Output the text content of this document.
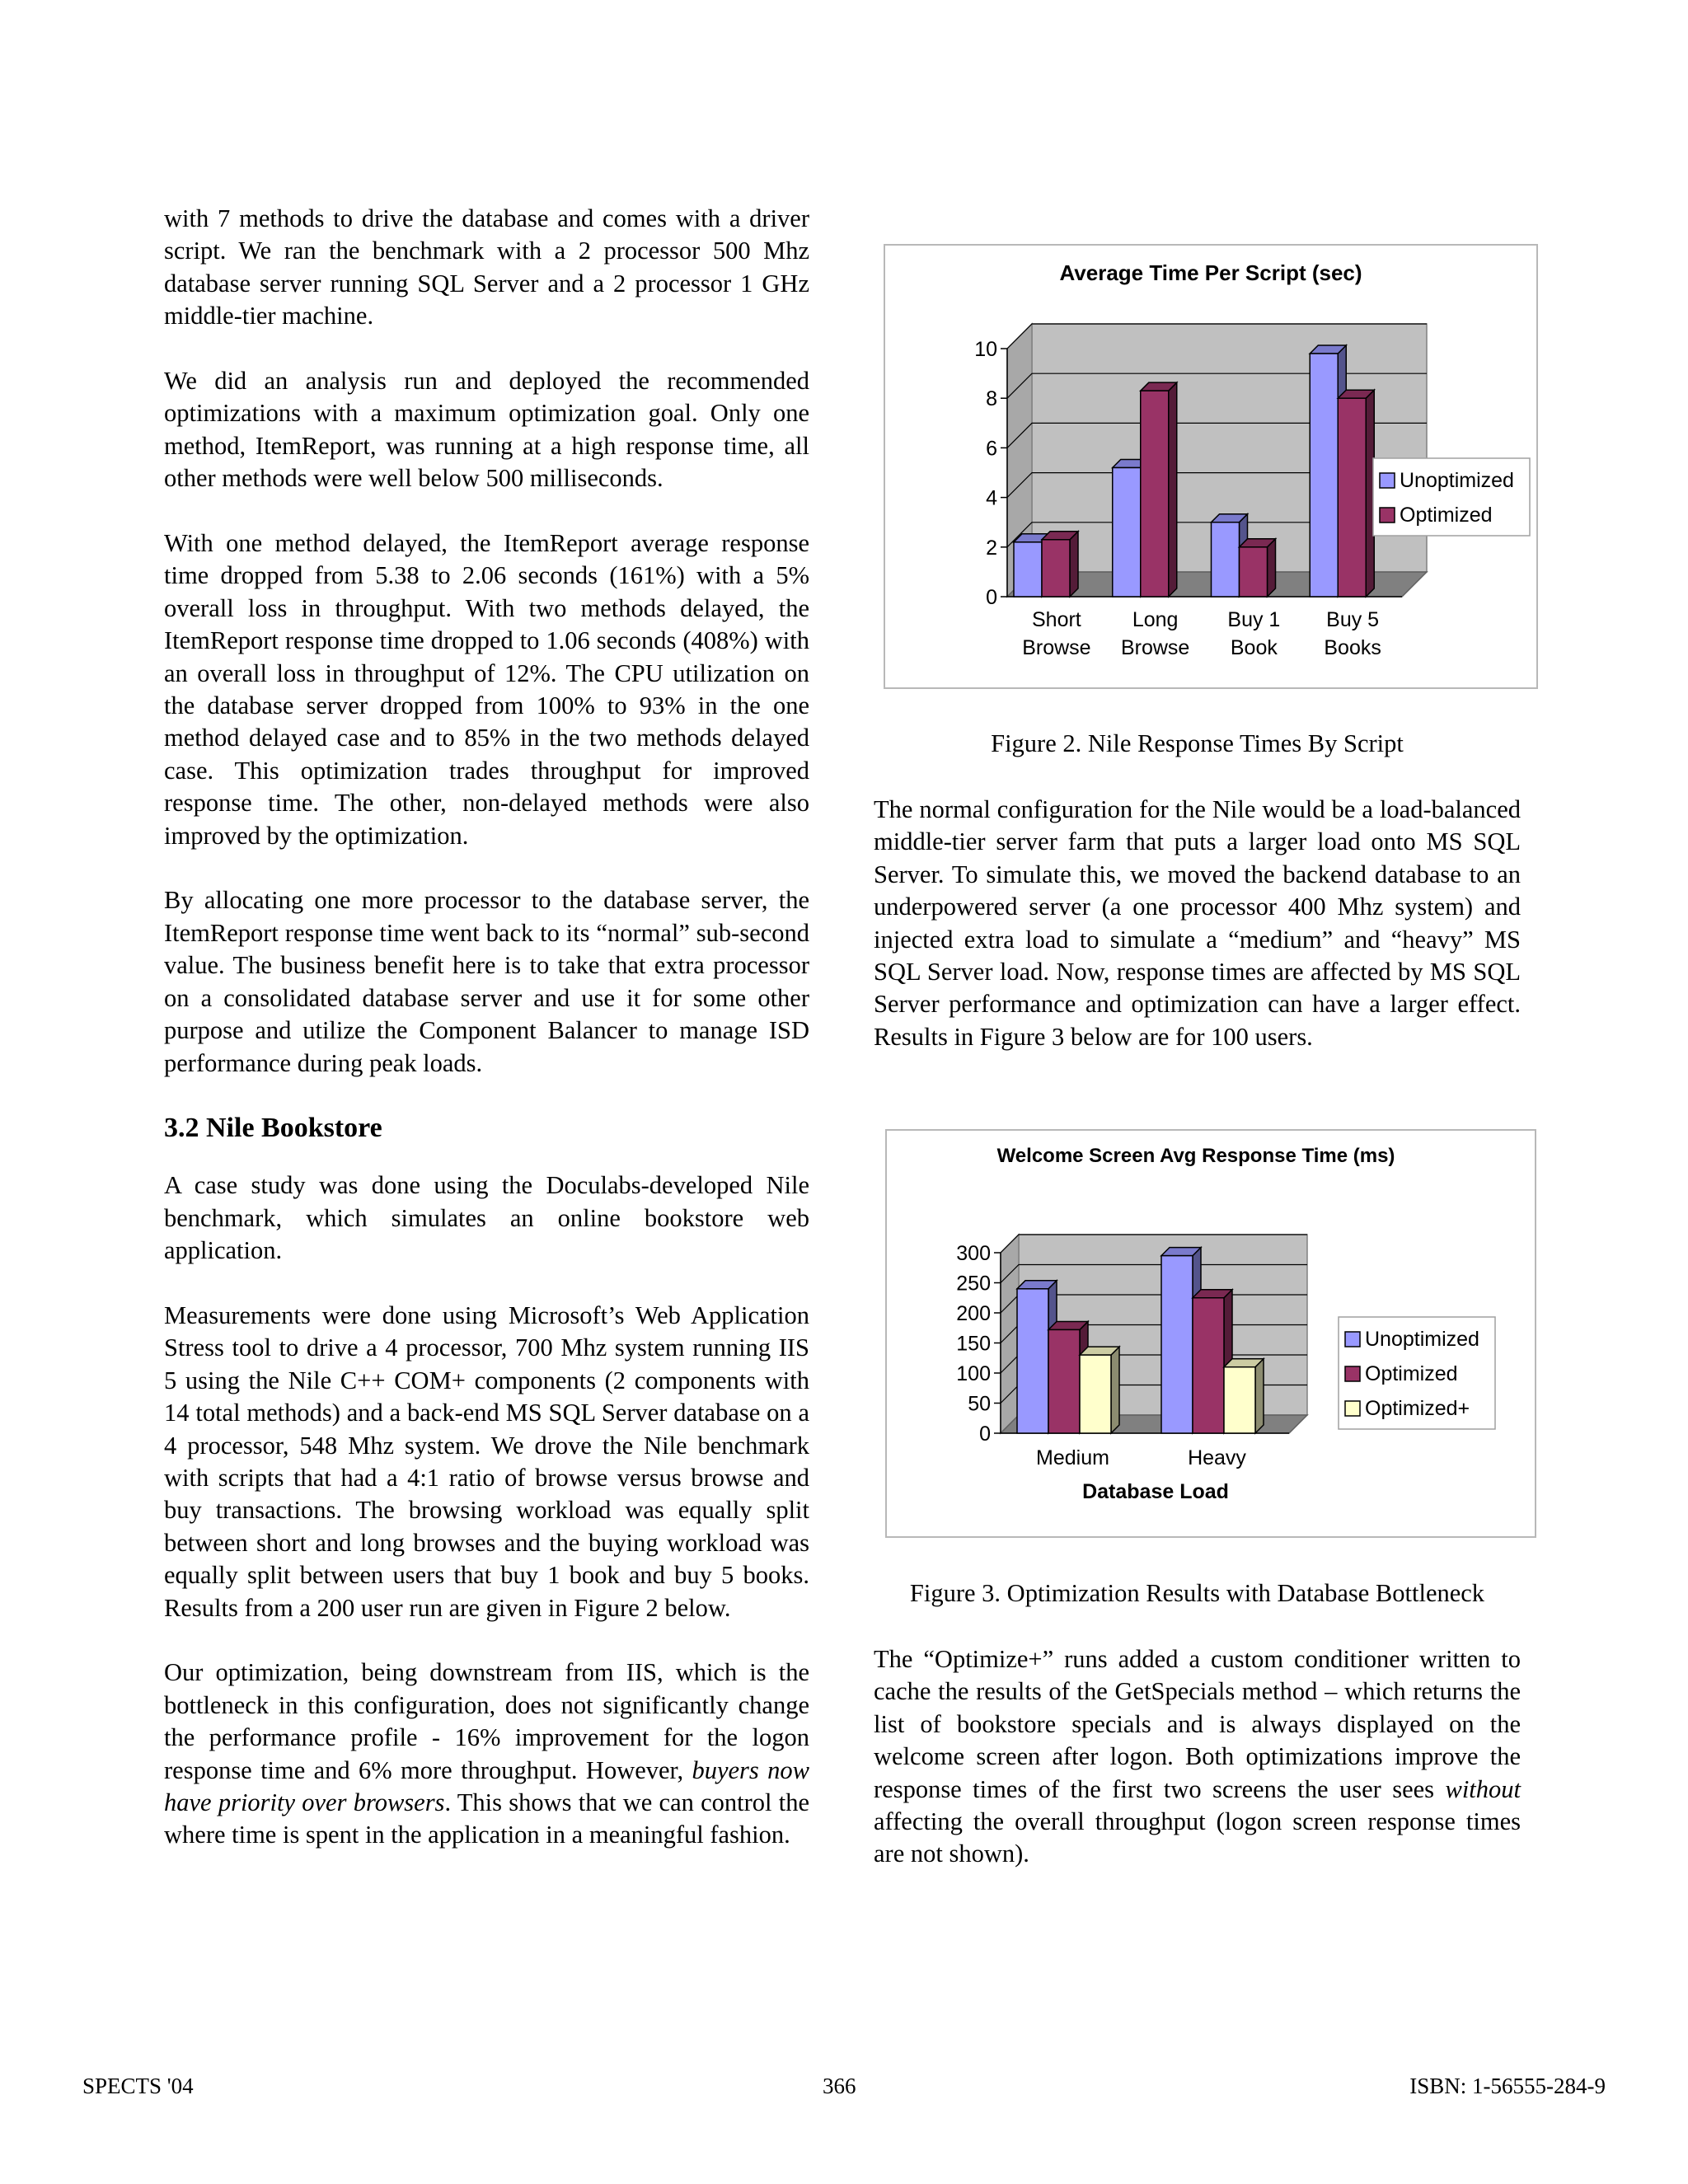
with 7 methods to drive the database and comes with a driver script. We ran the benchmark with a 2 processor 500 Mhz database server running SQL Server and a 2 processor 1 GHz middle-tier machine.

We did an analysis run and deployed the recommended optimizations with a maximum optimization goal. Only one method, ItemReport, was running at a high response time, all other methods were well below 500 milliseconds.

With one method delayed, the ItemReport average response time dropped from 5.38 to 2.06 seconds (161%) with a 5% overall loss in throughput. With two methods delayed, the ItemReport response time dropped to 1.06 seconds (408%) with an overall loss in throughput of 12%. The CPU utilization on the database server dropped from 100% to 93% in the one method delayed case and to 85% in the two methods delayed case. This optimization trades throughput for improved response time. The other, non-delayed methods were also improved by the optimization.

By allocating one more processor to the database server, the ItemReport response time went back to its “normal” sub-second value. The business benefit here is to take that extra processor on a consolidated database server and use it for some other purpose and utilize the Component Balancer to manage ISD performance during peak loads.

3.2 Nile Bookstore

A case study was done using the Doculabs-developed Nile benchmark, which simulates an online bookstore web application.

Measurements were done using Microsoft’s Web Application Stress tool to drive a 4 processor, 700 Mhz system running IIS 5 using the Nile C++ COM+ components (2 components with 14 total methods) and a back-end MS SQL Server database on a 4 processor, 548 Mhz system. We drove the Nile benchmark with scripts that had a 4:1 ratio of browse versus browse and buy transactions. The browsing workload was equally split between short and long browses and the buying workload was equally split between users that buy 1 book and buy 5 books. Results from a 200 user run are given in Figure 2 below.

Our optimization, being downstream from IIS, which is the bottleneck in this configuration, does not significantly change the performance profile - 16% improvement for the logon response time and 6% more throughput. However, buyers now have priority over browsers. This shows that we can control the where time is spent in the application in a meaningful fashion.

Average Time Per Script (sec)
0
2
4
6
8
10
Short
Browse
Long
Browse
Buy 1
Book
Buy 5
Books
Unoptimized
Optimized
Figure 2. Nile Response Times By Script

The normal configuration for the Nile would be a load-balanced middle-tier server farm that puts a larger load onto MS SQL Server. To simulate this, we moved the backend database to an underpowered server (a one processor 400 Mhz system) and injected extra load to simulate a “medium” and “heavy” MS SQL Server load. Now, response times are affected by MS SQL Server performance and optimization can have a larger effect. Results in Figure 3 below are for 100 users.

Welcome Screen Avg Response Time (ms)
0
50
100
150
200
250
300
Medium	Heavy
Database Load
Unoptimized
Optimized
Optimized+
Figure 3. Optimization Results with Database Bottleneck

The “Optimize+” runs added a custom conditioner written to cache the results of the GetSpecials method – which returns the list of bookstore specials and is always displayed on the welcome screen after logon. Both optimizations improve the response times of the first two screens the user sees without affecting the overall throughput (logon screen response times are not shown).

SPECTS '04	366	ISBN: 1-56555-284-9
